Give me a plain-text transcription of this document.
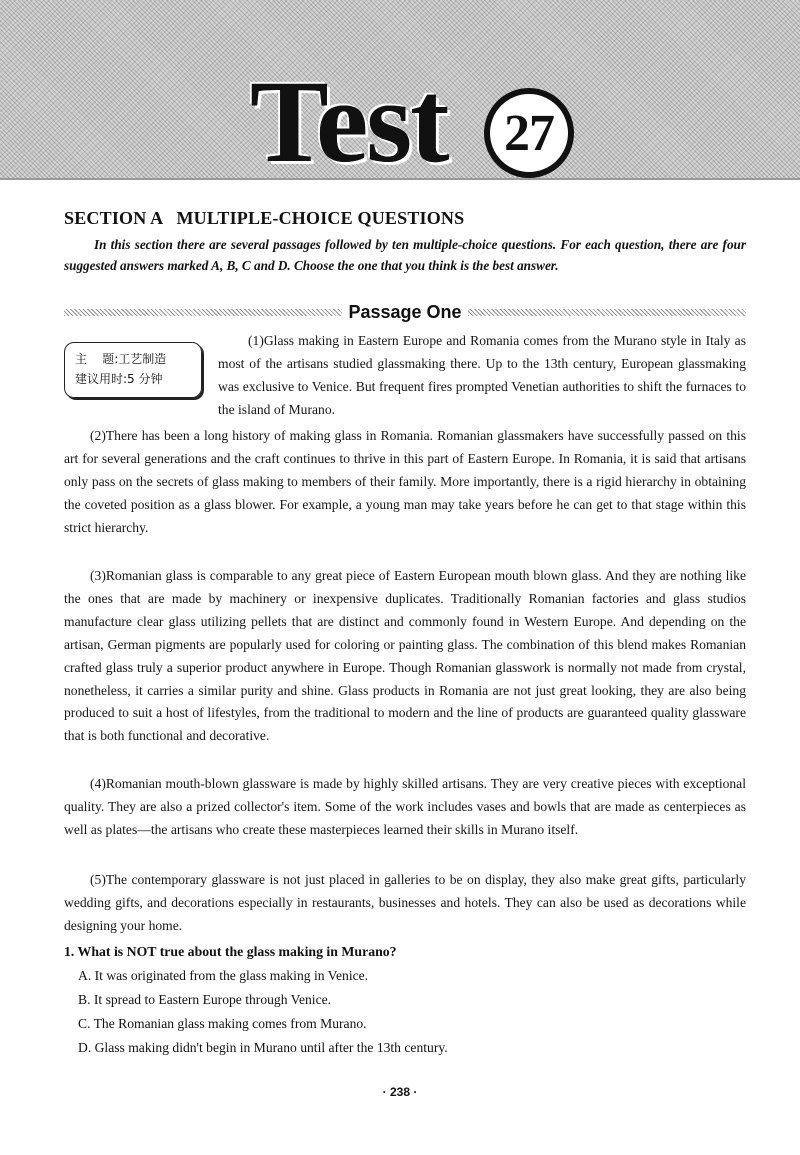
Test 27
SECTION A   MULTIPLE-CHOICE QUESTIONS
In this section there are several passages followed by ten multiple-choice questions. For each question, there are four suggested answers marked A, B, C and D. Choose the one that you think is the best answer.
Passage One
主    题:工艺制造
建议用时:5 分钟
(1)Glass making in Eastern Europe and Romania comes from the Murano style in Italy as most of the artisans studied glassmaking there. Up to the 13th century, European glassmaking was exclusive to Venice. But frequent fires prompted Venetian authorities to shift the furnaces to the island of Murano.
(2)There has been a long history of making glass in Romania. Romanian glassmakers have successfully passed on this art for several generations and the craft continues to thrive in this part of Eastern Europe. In Romania, it is said that artisans only pass on the secrets of glass making to members of their family. More importantly, there is a rigid hierarchy in obtaining the coveted position as a glass blower. For example, a young man may take years before he can get to that stage within this strict hierarchy.
(3)Romanian glass is comparable to any great piece of Eastern European mouth blown glass. And they are nothing like the ones that are made by machinery or inexpensive duplicates. Traditionally Romanian factories and glass studios manufacture clear glass utilizing pellets that are distinct and commonly found in Western Europe. And depending on the artisan, German pigments are popularly used for coloring or painting glass. The combination of this blend makes Romanian crafted glass truly a superior product anywhere in Europe. Though Romanian glasswork is normally not made from crystal, nonetheless, it carries a similar purity and shine. Glass products in Romania are not just great looking, they are also being produced to suit a host of lifestyles, from the traditional to modern and the line of products are guaranteed quality glassware that is both functional and decorative.
(4)Romanian mouth-blown glassware is made by highly skilled artisans. They are very creative pieces with exceptional quality. They are also a prized collector's item. Some of the work includes vases and bowls that are made as centerpieces as well as plates—the artisans who create these masterpieces learned their skills in Murano itself.
(5)The contemporary glassware is not just placed in galleries to be on display, they also make great gifts, particularly wedding gifts, and decorations especially in restaurants, businesses and hotels. They can also be used as decorations while designing your home.
1. What is NOT true about the glass making in Murano?
A. It was originated from the glass making in Venice.
B. It spread to Eastern Europe through Venice.
C. The Romanian glass making comes from Murano.
D. Glass making didn't begin in Murano until after the 13th century.
· 238 ·
